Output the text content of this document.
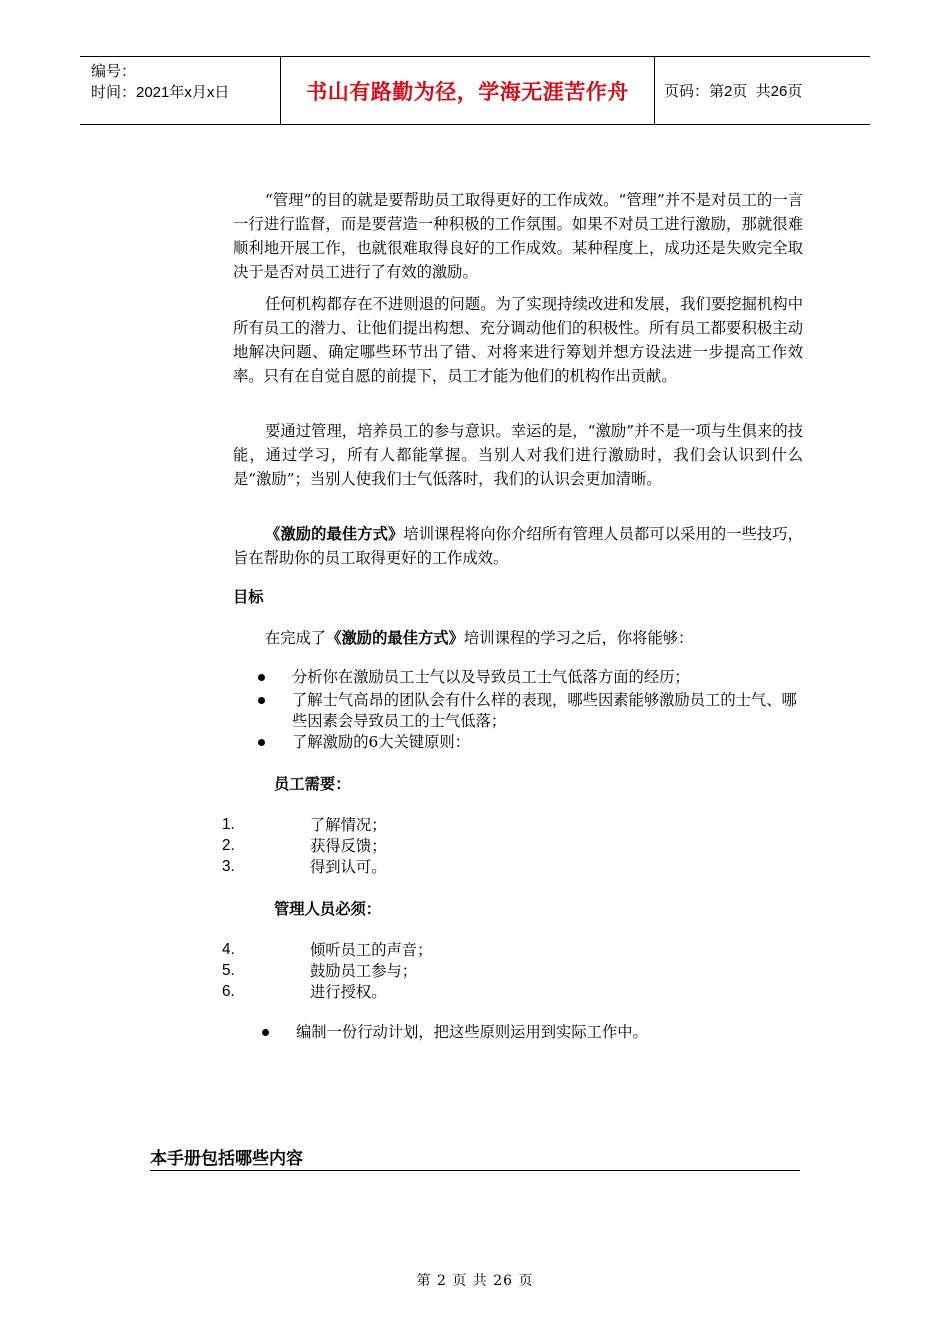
编号：
时间：2021年x月x日	书山有路勤为径，学海无涯苦作舟	页码：第2页  共26页

“管理”的目的就是要帮助员工取得更好的工作成效。“管理”并不是对员工的一言一行进行监督，而是要营造一种积极的工作氛围。如果不对员工进行激励，那就很难顺利地开展工作，也就很难取得良好的工作成效。某种程度上，成功还是失败完全取决于是否对员工进行了有效的激励。

任何机构都存在不进则退的问题。为了实现持续改进和发展，我们要挖掘机构中所有员工的潜力、让他们提出构想、充分调动他们的积极性。所有员工都要积极主动地解决问题、确定哪些环节出了错、对将来进行筹划并想方设法进一步提高工作效率。只有在自觉自愿的前提下，员工才能为他们的机构作出贡献。

要通过管理，培养员工的参与意识。幸运的是，“激励”并不是一项与生俱来的技能，通过学习，所有人都能掌握。当别人对我们进行激励时，我们会认识到什么是“激励”；当别人使我们士气低落时，我们的认识会更加清晰。

《激励的最佳方式》培训课程将向你介绍所有管理人员都可以采用的一些技巧，旨在帮助你的员工取得更好的工作成效。

目标

在完成了《激励的最佳方式》培训课程的学习之后，你将能够：

分析你在激励员工士气以及导致员工士气低落方面的经历；
了解士气高昂的团队会有什么样的表现，哪些因素能够激励员工的士气、哪些因素会导致员工的士气低落；
了解激励的6大关键原则：
员工需要：
1.	了解情况；
2.	获得反馈；
3.	得到认可。
管理人员必须：
4.	倾听员工的声音；
5.	鼓励员工参与；
6.	进行授权。
编制一份行动计划，把这些原则运用到实际工作中。
本手册包括哪些内容
第 2 页 共 26 页
